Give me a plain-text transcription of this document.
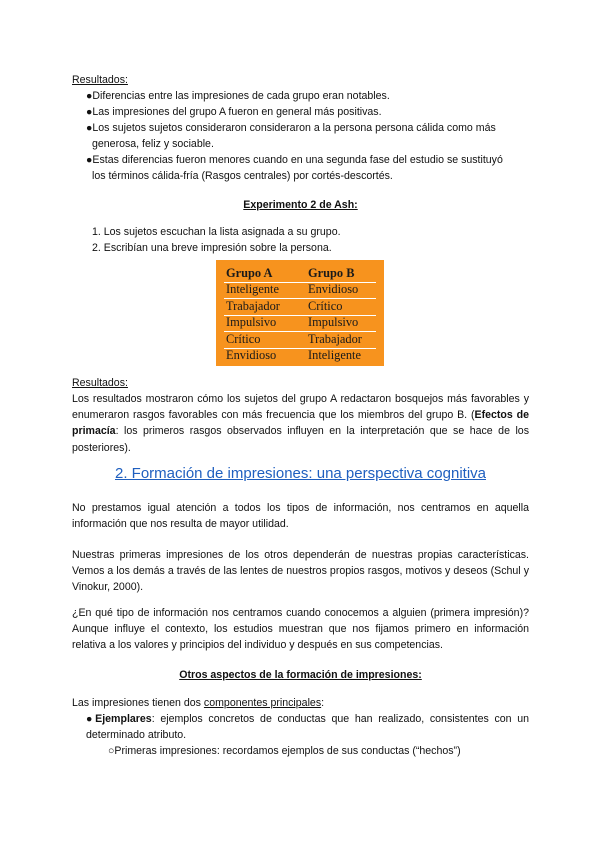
Resultados:
●Diferencias entre las impresiones de cada grupo eran notables.
●Las impresiones del grupo A fueron en general más positivas.
●Los sujetos sujetos consideraron consideraron a la persona persona cálida como más
generosa, feliz y sociable.
●Estas diferencias fueron menores cuando en una segunda fase del estudio se sustituyó
los términos cálida-fría (Rasgos centrales) por cortés-descortés.
Experimento 2 de Ash:
1. Los sujetos escuchan la lista asignada a su grupo.
2. Escribían una breve impresión sobre la persona.
Grupo A
Inteligente
Trabajador
Impulsivo
Crítico
Envidioso
Grupo B
Envidioso
Crítico
Impulsivo
Trabajador
Inteligente
Resultados:
Los resultados mostraron cómo los sujetos del grupo A redactaron bosquejos más favorables y enumeraron rasgos favorables con más frecuencia que los miembros del grupo B. (Efectos de primacía: los primeros rasgos observados influyen en la interpretación que se hace de los posteriores).
2. Formación de impresiones: una perspectiva cognitiva
No prestamos igual atención a todos los tipos de información, nos centramos en aquella información que nos resulta de mayor utilidad.
Nuestras primeras impresiones de los otros dependerán de nuestras propias características. Vemos a los demás a través de las lentes de nuestros propios rasgos, motivos y deseos (Schul y Vinokur, 2000).
¿En qué tipo de información nos centramos cuando conocemos a alguien (primera impresión)? Aunque influye el contexto, los estudios muestran que nos fijamos primero en información relativa a los valores y principios del individuo y después en sus competencias.
Otros aspectos de la formación de impresiones:
Las impresiones tienen dos componentes principales:
●Ejemplares: ejemplos concretos de conductas que han realizado, consistentes con un determinado atributo.
○Primeras impresiones: recordamos ejemplos de sus conductas (“hechos”)
